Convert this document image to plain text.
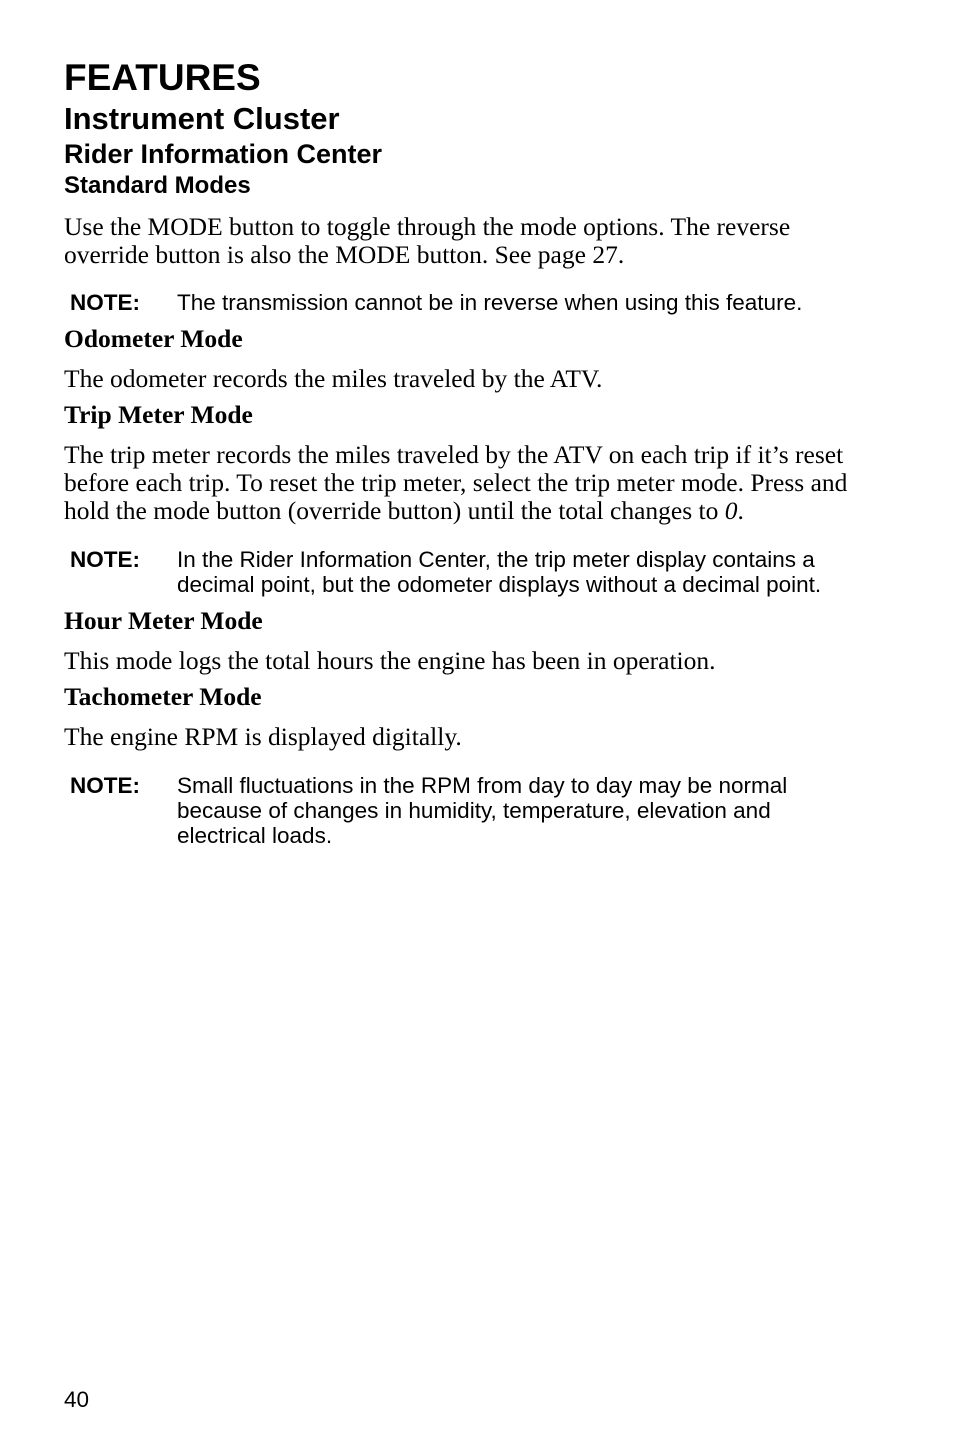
FEATURES
Instrument Cluster
Rider Information Center
Standard Modes

Use the MODE button to toggle through the mode options. The reverse override button is also the MODE button. See page 27.

NOTE:	The transmission cannot be in reverse when using this feature.

Odometer Mode

The odometer records the miles traveled by the ATV.

Trip Meter Mode

The trip meter records the miles traveled by the ATV on each trip if it’s reset before each trip. To reset the trip meter, select the trip meter mode. Press and hold the mode button (override button) until the total changes to 0.

NOTE:	In the Rider Information Center, the trip meter display contains a decimal point, but the odometer displays without a decimal point.

Hour Meter Mode

This mode logs the total hours the engine has been in operation.

Tachometer Mode

The engine RPM is displayed digitally.

NOTE:	Small fluctuations in the RPM from day to day may be normal because of changes in humidity, temperature, elevation and electrical loads.
40
